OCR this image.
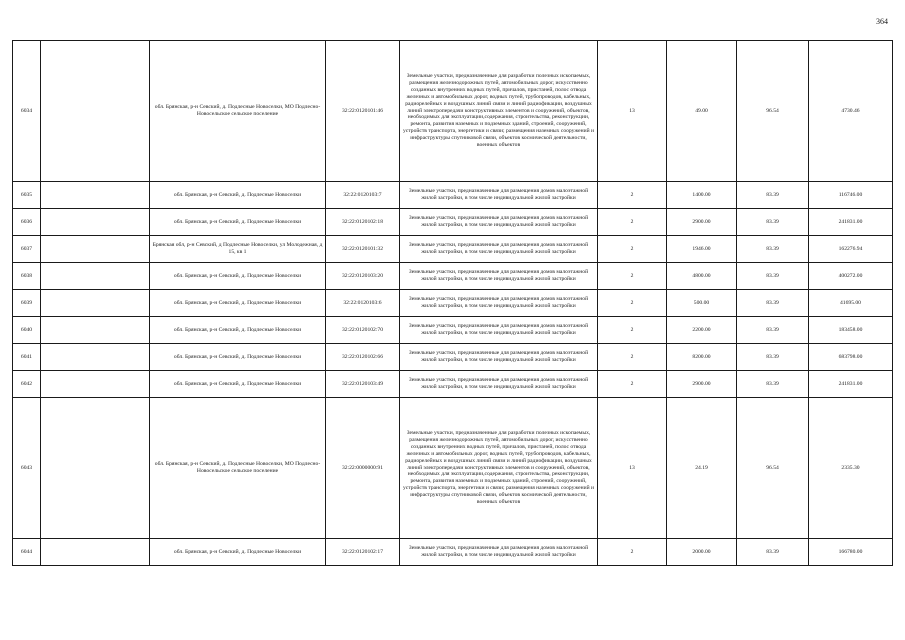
364
6034		обл. Брянская, р-н Севский, д. Подлесные Новоселки, МО Подлесно-Новосельское сельское поселение	32:22:0120101:46	Земельные участки, предназначенные для разработки полезных ископаемых, размещения железнодорожных путей, автомобильных дорог, искусственно созданных внутренних водных путей, причалов, пристаней, полос отвода железных и автомобильных дорог, водных путей, трубопроводов, кабельных, радиорелейных и воздушных линий связи и линий радиофикации, воздушных линий электропередачи конструктивных элементов и сооружений, объектов, необходимых для эксплуатации,содержания, строительства, реконструкции, ремонта, развития наземных и подземных зданий, строений, сооружений, устройств транспорта, энергетики и связи; размещения наземных сооружений и инфраструктуры спутниковой связи, объектов космической деятельности, военных объектов	13	49.00	96.54	4730.46
6035		обл. Брянская, р-н Севский, д. Подлесные Новоселки	32:22:0120103:7	Земельные участки, предназначенные для размещения домов малоэтажной жилой застройки, в том числе индивидуальной жилой застройки	2	1400.00	83.39	116746.00
6036		обл. Брянская, р-н Севский, д. Подлесные Новоселки	32:22:0120102:18	Земельные участки, предназначенные для размещения домов малоэтажной жилой застройки, в том числе индивидуальной жилой застройки	2	2900.00	83.39	241831.00
6037		Брянская обл, р-н Севский, д Подлесные Новоселки, ул Молодежная, д 15, кв 1	32:22:0120101:32	Земельные участки, предназначенные для размещения домов малоэтажной жилой застройки, в том числе индивидуальной жилой застройки	2	1946.00	83.39	162276.94
6038		обл. Брянская, р-н Севский, д. Подлесные Новоселки	32:22:0120103:20	Земельные участки, предназначенные для размещения домов малоэтажной жилой застройки, в том числе индивидуальной жилой застройки	2	4800.00	83.39	400272.00
6039		обл. Брянская, р-н Севский, д. Подлесные Новоселки	32:22:0120103:6	Земельные участки, предназначенные для размещения домов малоэтажной жилой застройки, в том числе индивидуальной жилой застройки	2	500.00	83.39	41695.00
6040		обл. Брянская, р-н Севский, д. Подлесные Новоселки	32:22:0120102:70	Земельные участки, предназначенные для размещения домов малоэтажной жилой застройки, в том числе индивидуальной жилой застройки	2	2200.00	83.39	183458.00
6041		обл. Брянская, р-н Севский, д. Подлесные Новоселки	32:22:0120102:66	Земельные участки, предназначенные для размещения домов малоэтажной жилой застройки, в том числе индивидуальной жилой застройки	2	8200.00	83.39	683798.00
6042		обл. Брянская, р-н Севский, д. Подлесные Новоселки	32:22:0120103:49	Земельные участки, предназначенные для размещения домов малоэтажной жилой застройки, в том числе индивидуальной жилой застройки	2	2900.00	83.39	241831.00
6043		обл. Брянская, р-н Севский, д. Подлесные Новоселки, МО Подлесно-Новосельское сельское поселение	32:22:0000000:91	Земельные участки, предназначенные для разработки полезных ископаемых, размещения железнодорожных путей, автомобильных дорог, искусственно созданных внутренних водных путей, причалов, пристаней, полос отвода железных и автомобильных дорог, водных путей, трубопроводов, кабельных, радиорелейных и воздушных линий связи и линий радиофикации, воздушных линий электропередачи конструктивных элементов и сооружений, объектов, необходимых для эксплуатации,содержания, строительства, реконструкции, ремонта, развития наземных и подземных зданий, строений, сооружений, устройств транспорта, энергетики и связи; размещения наземных сооружений и инфраструктуры спутниковой связи, объектов космической деятельности, военных объектов	13	24.19	96.54	2335.30
6044		обл. Брянская, р-н Севский, д. Подлесные Новоселки	32:22:0120102:17	Земельные участки, предназначенные для размещения домов малоэтажной жилой застройки, в том числе индивидуальной жилой застройки	2	2000.00	83.39	166780.00
